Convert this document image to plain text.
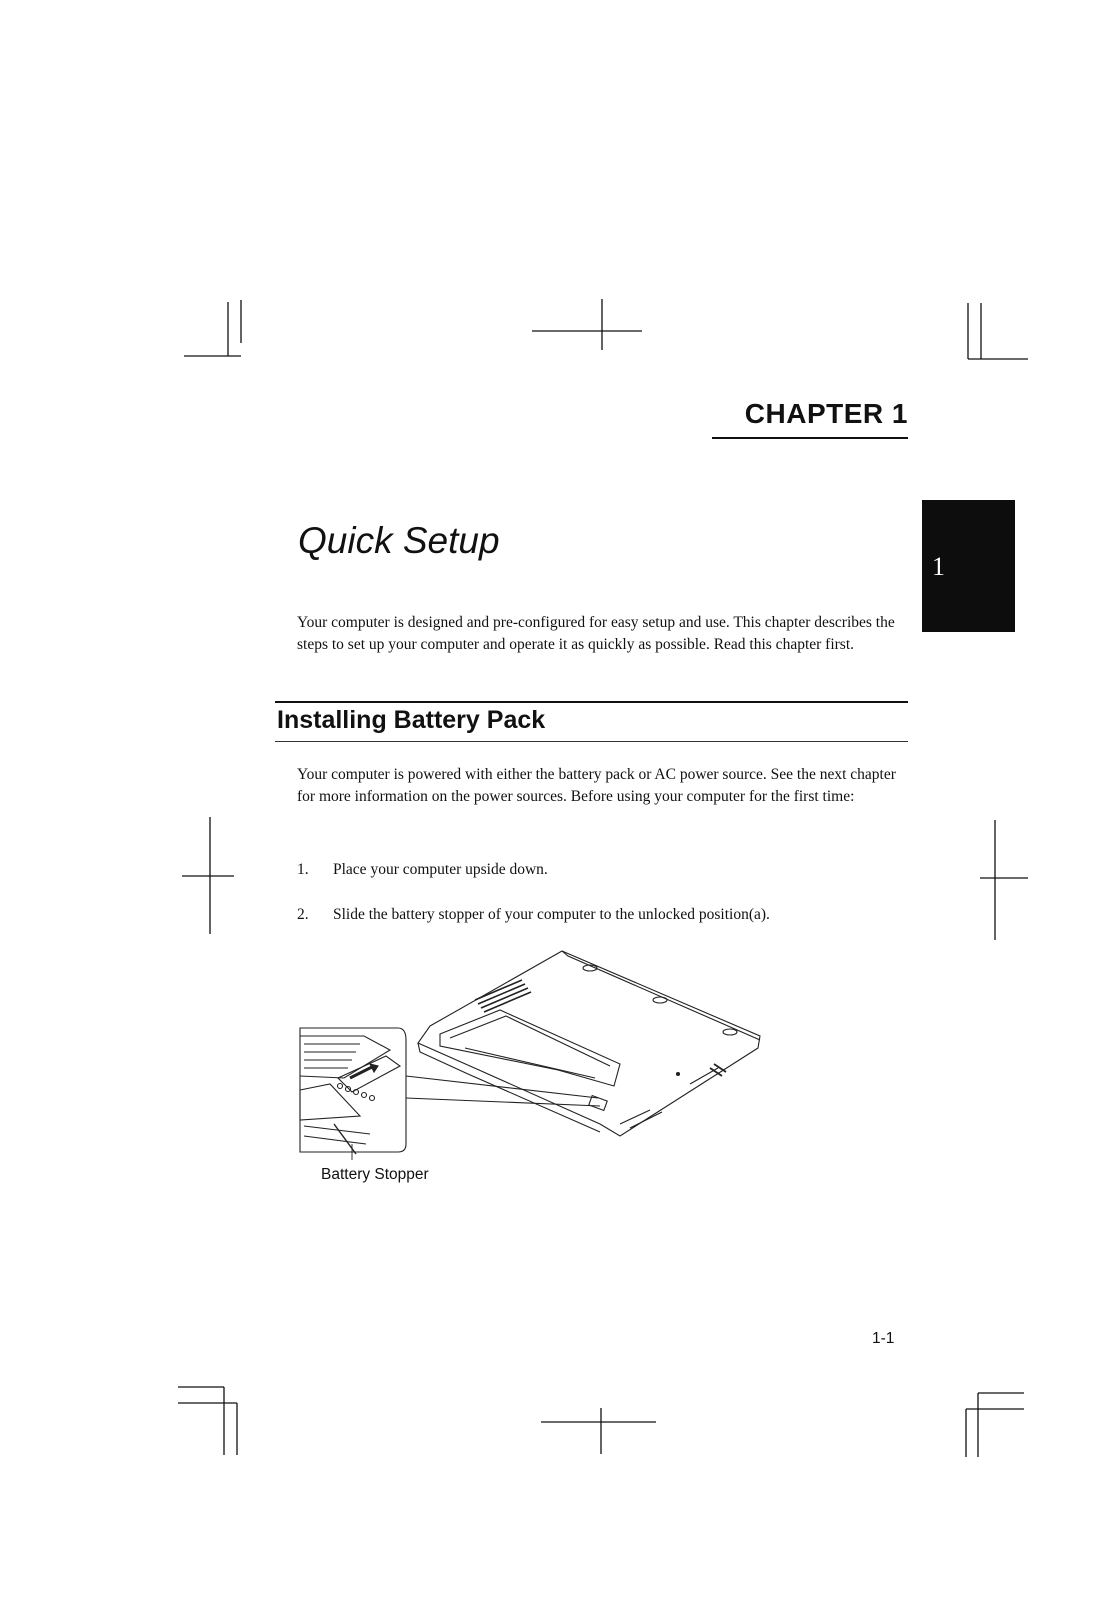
CHAPTER 1
Quick Setup
1
Your computer is designed and pre-configured for easy setup and use. This chapter describes the steps to set up your computer and operate it as quickly as possible. Read this chapter first.
Installing Battery Pack
Your computer is powered with either the battery pack or AC power source. See the next chapter for more information on the power sources. Before using your computer for the first time:
1. Place your computer upside down.
2. Slide the battery stopper of your computer to the unlocked position(a).
Battery Stopper
1-1
